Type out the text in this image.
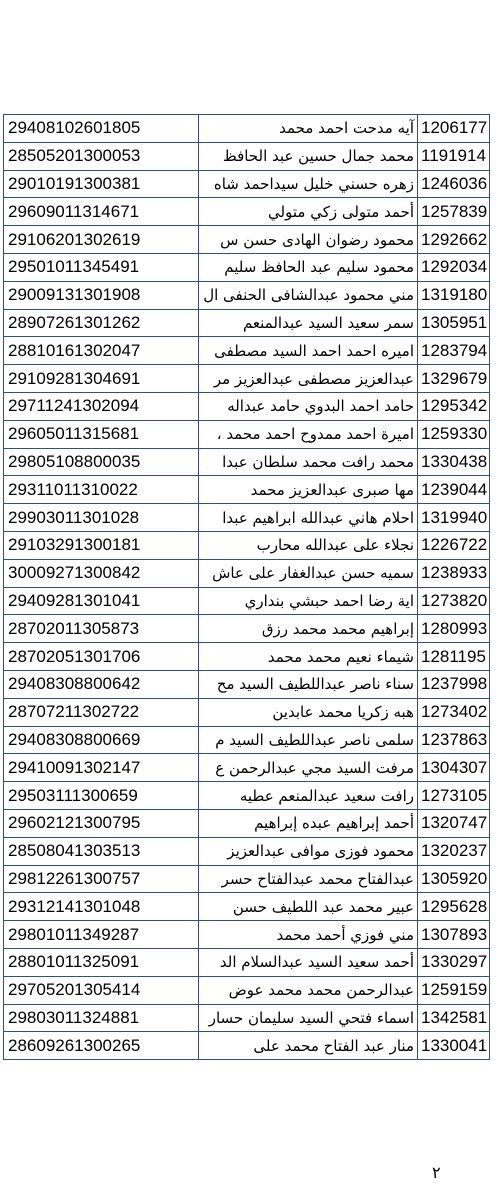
29408102601805	آيه مدحت احمد محمد	1206177
28505201300053	محمد جمال حسين عبد الحافظ	1191914
29010191300381	زهره حسني خليل سيداحمد شاه	1246036
29609011314671	أحمد متولى زكي متولي	1257839
29106201302619	محمود رضوان الهادى حسن س	1292662
29501011345491	محمود سليم عبد الحافظ سليم	1292034
29009131301908	مني محمود عبدالشافى الحنفى ال	1319180
28907261301262	سمر سعيد السيد عبدالمنعم	1305951
28810161302047	اميره احمد احمد السيد مصطفى	1283794
29109281304691	عبدالعزيز مصطفى عبدالعزيز مر	1329679
29711241302094	حامد احمد البدوي حامد عبداله	1295342
29605011315681	اميرة احمد ممدوح احمد محمد ،	1259330
29805108800035	محمد رافت محمد سلطان عبدا	1330438
29311011310022	مها صبرى عبدالعزيز محمد	1239044
29903011301028	احلام هاني عبدالله ابراهيم عبدا	1319940
29103291300181	نجلاء على عبدالله محارب	1226722
30009271300842	سميه حسن عبدالغفار على عاش	1238933
29409281301041	اية رضا احمد حبشي بنداري	1273820
28702011305873	إبراهيم محمد محمد رزق	1280993
28702051301706	شيماء نعيم محمد محمد	1281195
29408308800642	سناء ناصر عبداللطيف السيد مح	1237998
28707211302722	هبه زكريا محمد عابدين	1273402
29408308800669	سلمى ناصر عبداللطيف السيد م	1237863
29410091302147	مرفت السيد مجي عبدالرحمن ع	1304307
29503111300659	رافت سعيد عبدالمنعم عطيه	1273105
29602121300795	أحمد إبراهيم عبده إبراهيم	1320747
28508041303513	محمود فوزى موافى عبدالعزيز	1320237
29812261300757	عبدالفتاح محمد عبدالفتاح حسر	1305920
29312141301048	عبير محمد عبد اللطيف حسن	1295628
29801011349287	مني فوزي أحمد محمد	1307893
28801011325091	أحمد سعيد السيد عبدالسلام الد	1330297
29705201305414	عبدالرحمن محمد محمد عوض	1259159
29803011324881	اسماء فتحي السيد سليمان حسار	1342581
28609261300265	منار عبد الفتاح محمد على	1330041
٢
